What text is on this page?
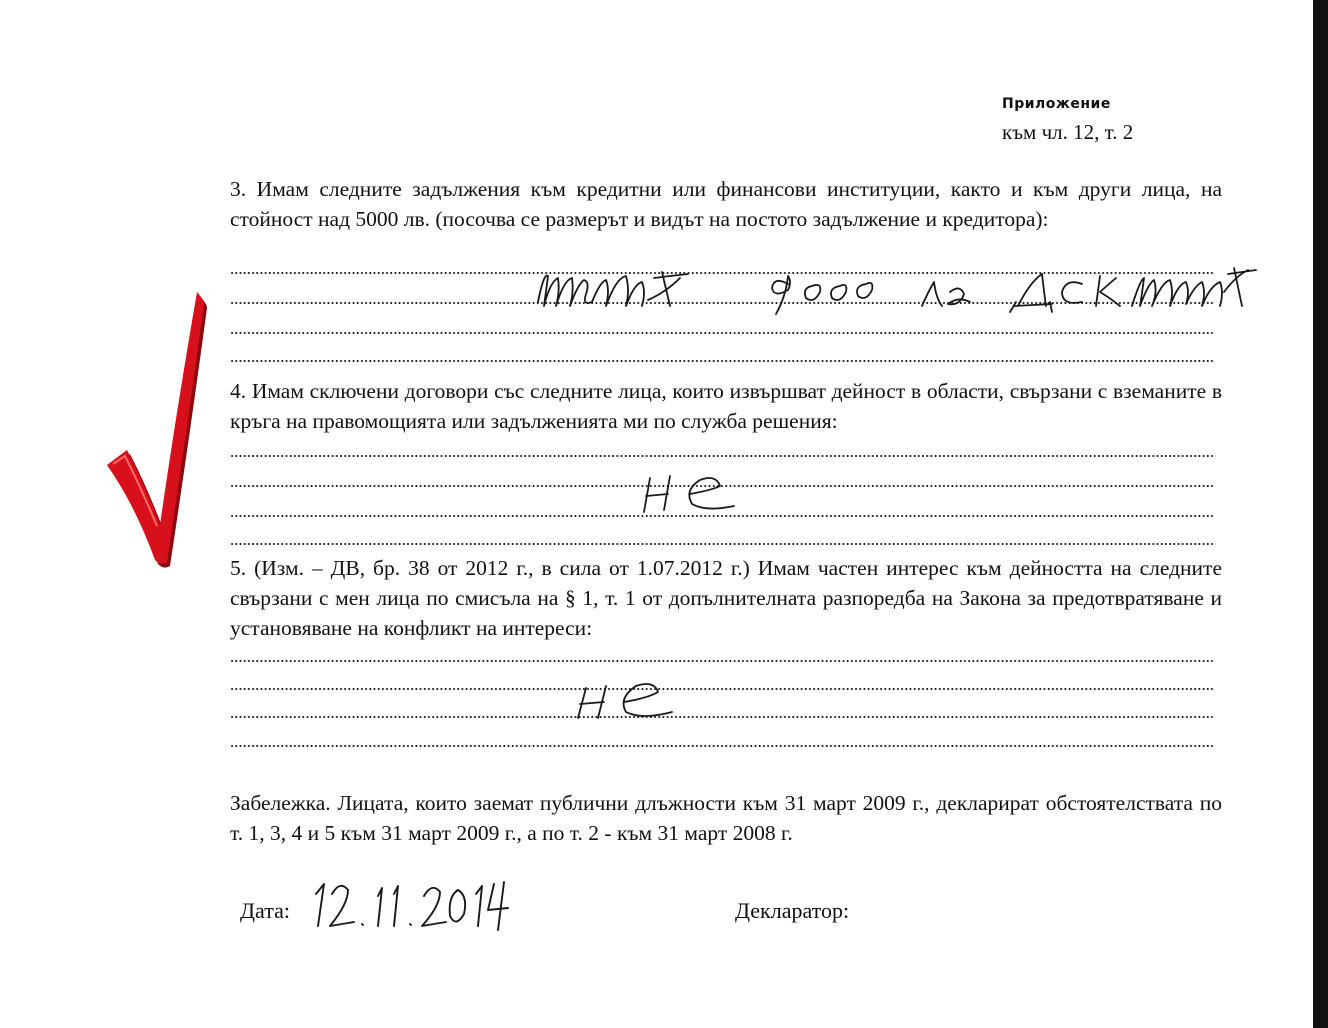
Приложение
към чл. 12, т. 2
3. Имам следните задължения към кредитни или финансови институции, както и към други лица, на стойност над 5000 лв. (посочва се размерът и видът на постото задължение и кредитора):
4. Имам сключени договори със следните лица, които извършват дейност в области, свързани с вземаните в кръга на правомощията или задълженията ми по служба решения:
5. (Изм. – ДВ, бр. 38 от 2012 г., в сила от 1.07.2012 г.) Имам частен интерес към дейността на следните свързани с мен лица по смисъла на § 1, т. 1 от допълнителната разпоредба на Закона за предотвратяване и установяване на конфликт на интереси:
Забележка. Лицата, които заемат публични длъжности към 31 март 2009 г., декларират обстоятелствата по т. 1, 3, 4 и 5 към 31 март 2009 г., а по т. 2 - към 31 март 2008 г.
Дата:	Декларатор:
